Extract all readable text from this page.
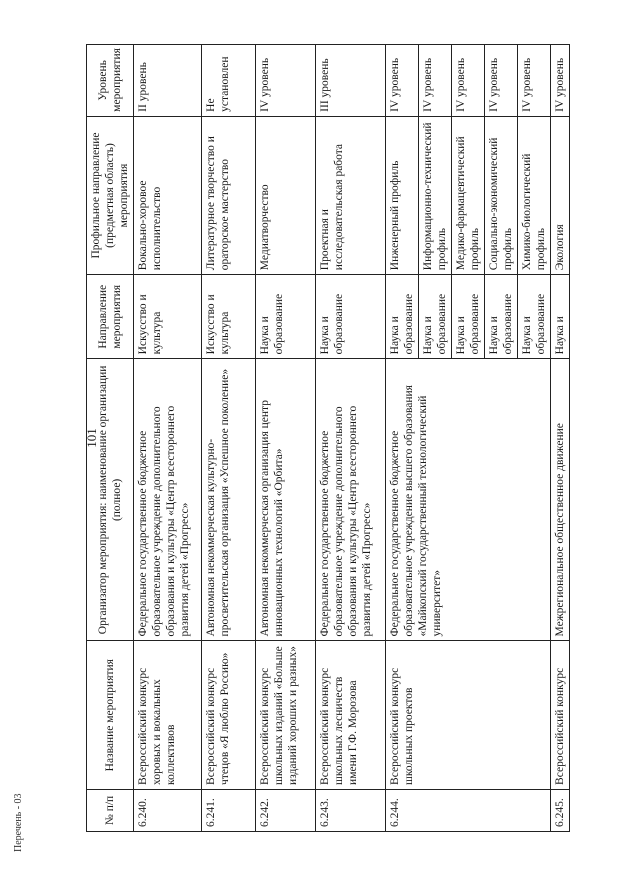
101
Перечень - 03	№ п/п	Название мероприятия	Организатор мероприятия: наименование организации (полное)	Направление мероприятия	Профильное направление (предметная область) мероприятия	Уровень мероприятия
6.240.	Всероссийский конкурс хоровых и вокальных коллективов	Федеральное государственное бюджетное образовательное учреждение дополнительного образования и культуры «Центр всестороннего развития детей «Прогресс»	Искусство и культура	Вокально-хоровое исполнительство	II уровень
6.241.	Всероссийский конкурс чтецов «Я люблю Россию»	Автономная некоммерческая культурно-просветительская организация «Успешное поколение»	Искусство и культура	Литературное творчество и ораторское мастерство	Не установлен
6.242.	Всероссийский конкурс школьных изданий «Больше изданий хороших и разных»	Автономная некоммерческая организация центр инновационных технологий «Орбита»	Наука и образование	Медиатворчество	IV уровень
6.243.	Всероссийский конкурс школьных лесничеств имени Г.Ф. Морозова	Федеральное государственное бюджетное образовательное учреждение дополнительного образования и культуры «Центр всестороннего развития детей «Прогресс»	Наука и образование	Проектная и исследовательская работа	III уровень
6.244.	Всероссийский конкурс школьных проектов	Федеральное государственное бюджетное образовательное учреждение высшего образования «Майкопский государственный технологический университет»	Наука и образование	Инженерный профиль	IV уровень
			Наука и образование	Информационно-технический профиль	IV уровень
			Наука и образование	Медико-фармацевтический профиль	IV уровень
			Наука и образование	Социально-экономический профиль	IV уровень
			Наука и образование	Химико-биологический профиль	IV уровень
6.245.	Всероссийский конкурс	Межрегиональное общественное движение	Наука и	Экология	IV уровень
